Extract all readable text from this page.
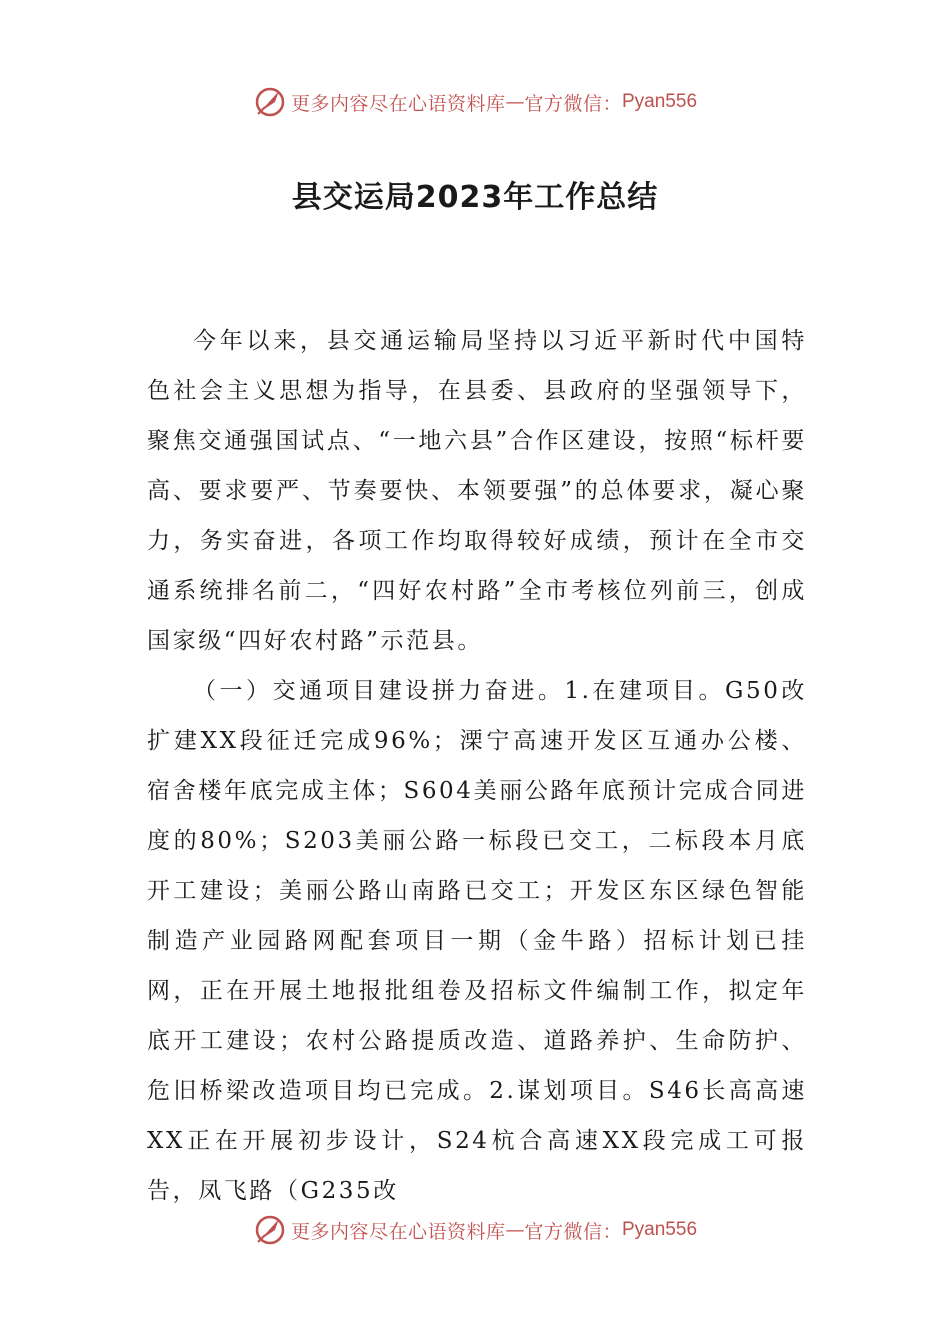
更多内容尽在心语资料库 — 官方微信： Pyan556
县交运局2023年工作总结

今年以来，县交通运输局坚持以习近平新时代中国特色社会主义思想为指导，在县委、县政府的坚强领导下，聚焦交通强国试点、“一地六县”合作区建设，按照“标杆要高、要求要严、节奏要快、本领要强”的总体要求，凝心聚力，务实奋进，各项工作均取得较好成绩，预计在全市交通系统排名前二，“四好农村路”全市考核位列前三，创成国家级“四好农村路”示范县。

（一）交通项目建设拼力奋进。1.在建项目。G50改扩建XX段征迁完成96%；溧宁高速开发区互通办公楼、宿舍楼年底完成主体；S604美丽公路年底预计完成合同进度的80%；S203美丽公路一标段已交工，二标段本月底开工建设；美丽公路山南路已交工；开发区东区绿色智能制造产业园路网配套项目一期（金牛路）招标计划已挂网，正在开展土地报批组卷及招标文件编制工作，拟定年底开工建设；农村公路提质改造、道路养护、生命防护、危旧桥梁改造项目均已完成。2.谋划项目。S46长高高速XX正在开展初步设计，S24杭合高速XX段完成工可报告，凤飞路（G235改

更多内容尽在心语资料库 — 官方微信： Pyan556
